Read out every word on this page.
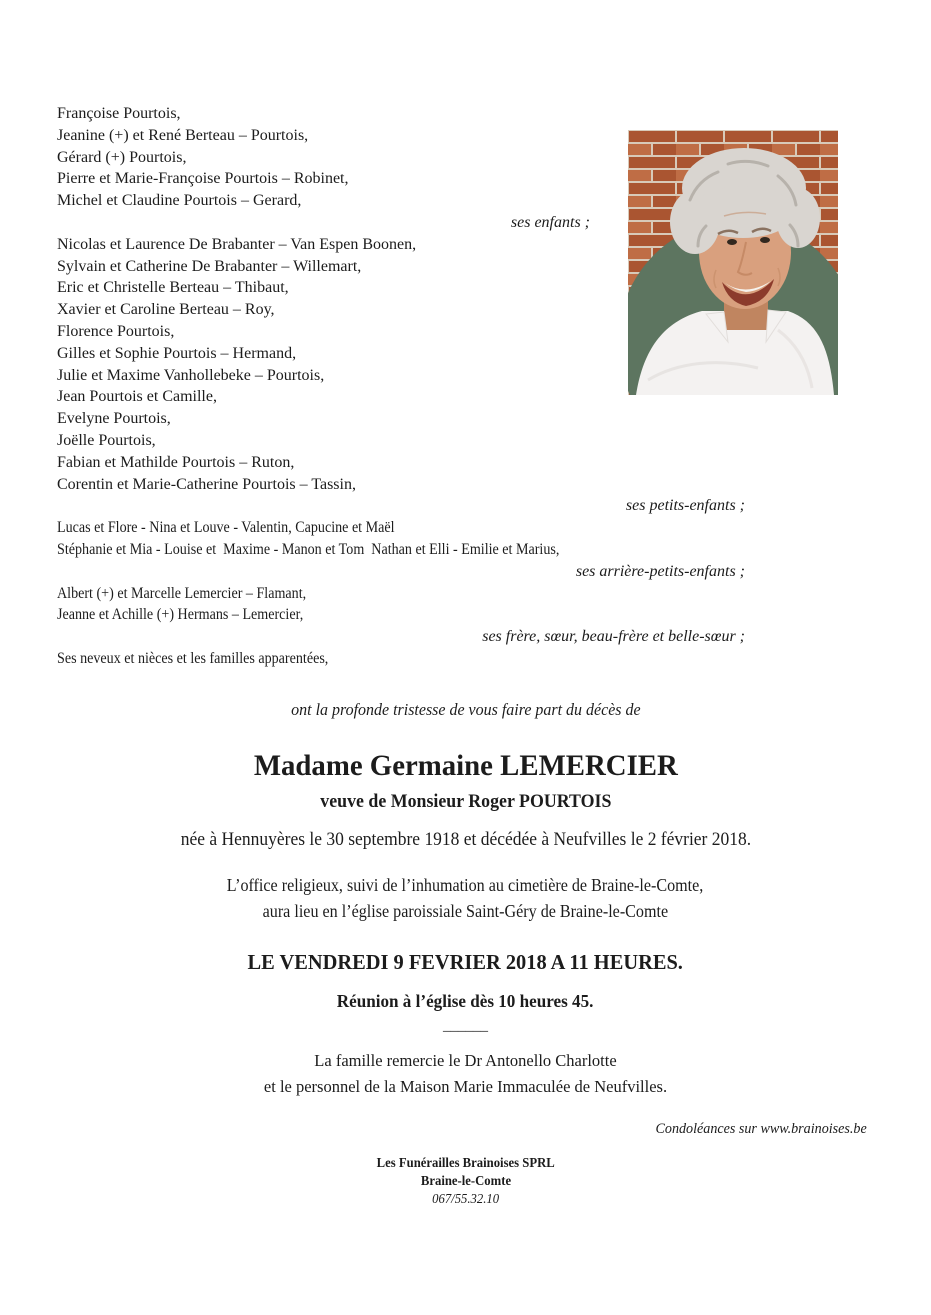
Françoise Pourtois,
Jeanine (+) et René Berteau – Pourtois,
Gérard (+) Pourtois,
Pierre et Marie-Françoise Pourtois – Robinet,
Michel et Claudine Pourtois – Gerard,
ses enfants ;
Nicolas et Laurence De Brabanter – Van Espen Boonen,
Sylvain et Catherine De Brabanter – Willemart,
Eric et Christelle Berteau – Thibaut,
Xavier et Caroline Berteau – Roy,
Florence Pourtois,
Gilles et Sophie Pourtois – Hermand,
Julie et Maxime Vanhollebeke – Pourtois,
Jean Pourtois et Camille,
Evelyne Pourtois,
Joëlle Pourtois,
Fabian et Mathilde Pourtois – Ruton,
Corentin et Marie-Catherine Pourtois – Tassin,
ses petits-enfants ;
Lucas et Flore - Nina et Louve - Valentin, Capucine et Maël
Stéphanie et Mia - Louise et  Maxime - Manon et Tom  Nathan et Elli - Emilie et Marius,
ses arrière-petits-enfants ;
Albert (+) et Marcelle Lemercier – Flamant,
Jeanne et Achille (+) Hermans – Lemercier,
ses frère, sœur, beau-frère et belle-sœur ;
Ses neveux et nièces et les familles apparentées,
ont la profonde tristesse de vous faire part du décès de
Madame Germaine LEMERCIER
veuve de Monsieur Roger POURTOIS
née à Hennuyères le 30 septembre 1918 et décédée à Neufvilles le 2 février 2018.
L’office religieux, suivi de l’inhumation au cimetière de Braine-le-Comte,
aura lieu en l’église paroissiale Saint-Géry de Braine-le-Comte
LE VENDREDI 9 FEVRIER 2018 A 11 HEURES.
Réunion à l’église dès 10 heures 45.
______
La famille remercie le Dr Antonello Charlotte
et le personnel de la Maison Marie Immaculée de Neufvilles.
Condoléances sur www.brainoises.be
Les Funérailles Brainoises SPRL
Braine-le-Comte
067/55.32.10
